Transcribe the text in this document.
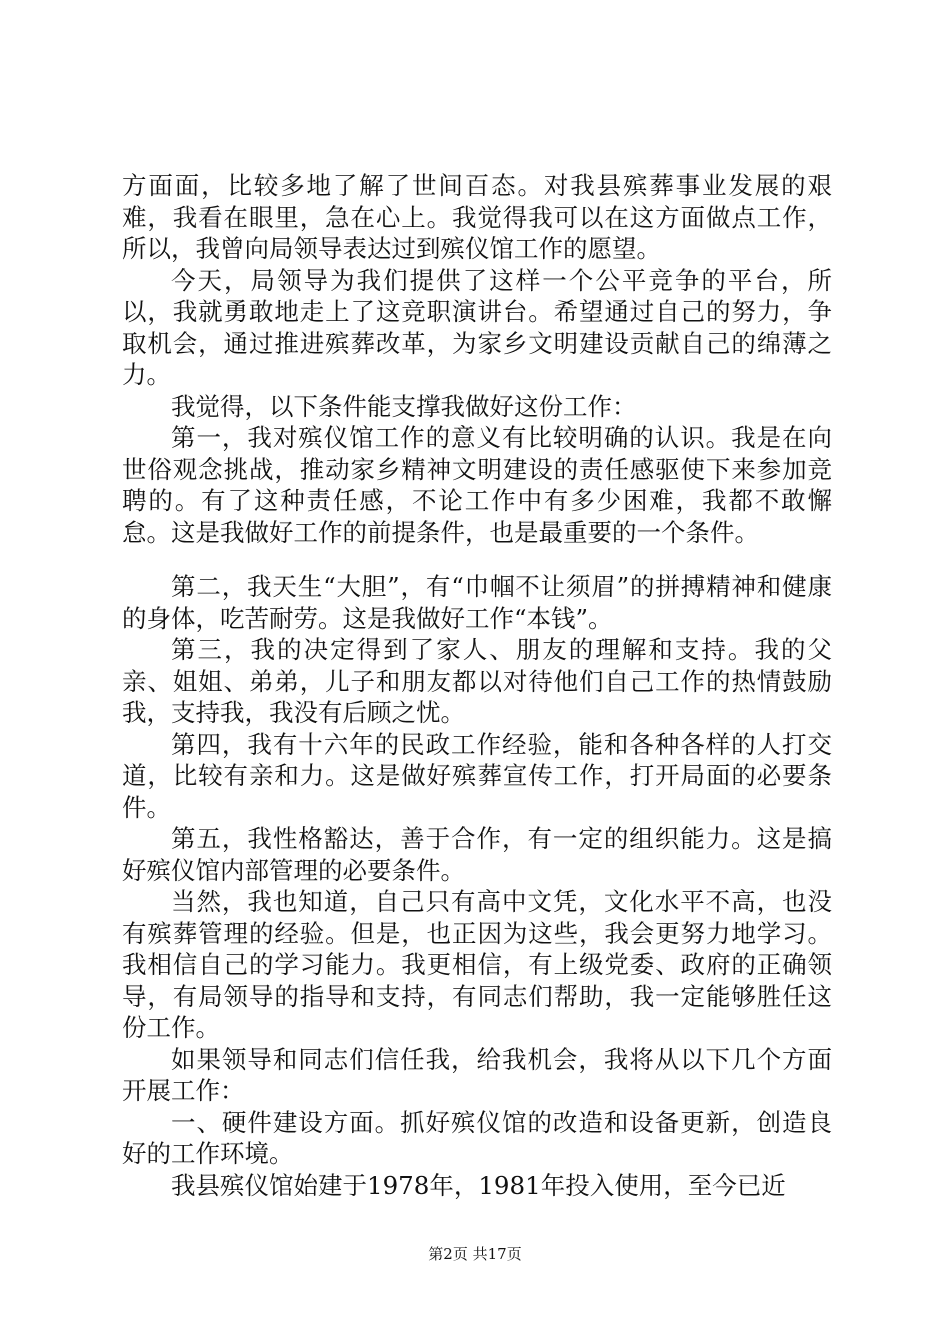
方面面，比较多地了解了世间百态。对我县殡葬事业发展的艰难，我看在眼里，急在心上。我觉得我可以在这方面做点工作，所以，我曾向局领导表达过到殡仪馆工作的愿望。

今天，局领导为我们提供了这样一个公平竞争的平台，所以，我就勇敢地走上了这竞职演讲台。希望通过自己的努力，争取机会，通过推进殡葬改革，为家乡文明建设贡献自己的绵薄之力。

我觉得，以下条件能支撑我做好这份工作：

第一，我对殡仪馆工作的意义有比较明确的认识。我是在向世俗观念挑战，推动家乡精神文明建设的责任感驱使下来参加竞聘的。有了这种责任感，不论工作中有多少困难，我都不敢懈怠。这是我做好工作的前提条件，也是最重要的一个条件。

第二，我天生“大胆”，有“巾帼不让须眉”的拼搏精神和健康的身体，吃苦耐劳。这是我做好工作“本钱”。

第三，我的决定得到了家人、朋友的理解和支持。我的父亲、姐姐、弟弟，儿子和朋友都以对待他们自己工作的热情鼓励我，支持我，我没有后顾之忧。

第四，我有十六年的民政工作经验，能和各种各样的人打交道，比较有亲和力。这是做好殡葬宣传工作，打开局面的必要条件。

第五，我性格豁达，善于合作，有一定的组织能力。这是搞好殡仪馆内部管理的必要条件。

当然，我也知道，自己只有高中文凭，文化水平不高，也没有殡葬管理的经验。但是，也正因为这些，我会更努力地学习。我相信自己的学习能力。我更相信，有上级党委、政府的正确领导，有局领导的指导和支持，有同志们帮助，我一定能够胜任这份工作。

如果领导和同志们信任我，给我机会，我将从以下几个方面开展工作：

一、硬件建设方面。抓好殡仪馆的改造和设备更新，创造良好的工作环境。

我县殡仪馆始建于1978年，1981年投入使用，至今已近

第2页 共17页
